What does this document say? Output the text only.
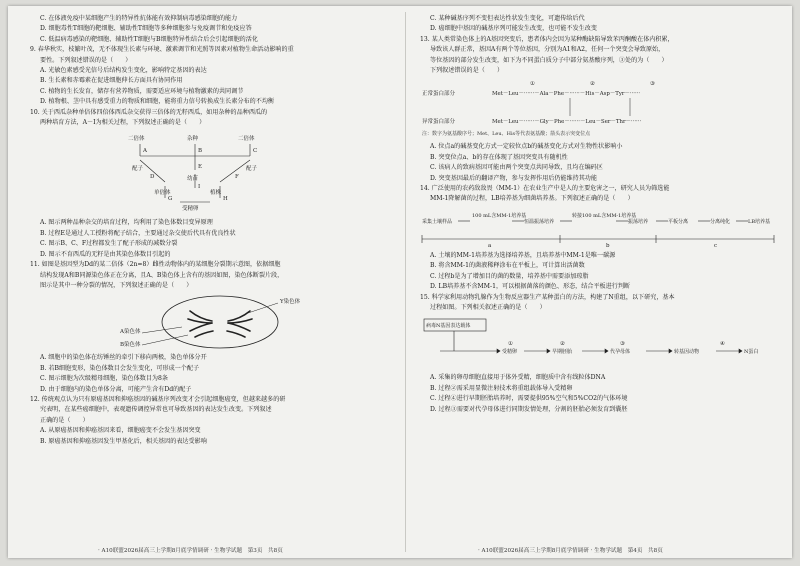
C. 在体液免疫中某细胞产生的特异性抗体能有效抑制病毒感染细胞的能力

D. 细胞毒性T细胞的靶细胞、辅助性T细胞等多种细胞参与免疫调节和免疫应答

C. 低温病毒感染的靶细胞、辅助性T细胞与B细胞特异性结合后会引起细胞的活化

9. 春华秋实，枝繁叶茂，无不体现生长素与环境、激素调节和光照等因素对植物生命活动影响的重

要性。下列叙述错误的是（　　）

A. 光敏色素感受光信号后结构发生变化，影响特定基因的表达

B. 生长素和赤霉素在促进细胞伸长方面具有协同作用

C. 植物的生长发育，储存有营养物质，需要适应环境与植物激素的共同调节

D. 植物根、茎中具有感受重力的物质和细胞，能将重力信号转换成生长素分布的不均衡

10. 关于西瓜杂种单倍体四倍体西瓜杂交获得三倍体的无籽西瓜，如用杂种的品种西瓜的

两种培育方法，A－I为相关过程，下列叙述正确的是（　　）

二倍体	二倍体
杂种
幼苗
配子	配子
单倍体	植株
受精卵
A	B	C
D
E
F
G	H
I

A. 图示两种品种杂交的培育过程，均利用了染色体数目变异原理

B. 过程E是通过人工授粉将配子结合，主要通过杂交使后代具有优良性状

C. 图示B、C、F过程都发生了配子形成的减数分裂

D. 图示不育西瓜的无籽是由其染色体数目引起的

11. 如图是基因型为Dd的某二倍体（2n=8）雌性动物体内的某细胞分裂期示意图，依据细胞

结构发现A和B同源染色体正在分离，且A、B染色体上含有的基因如图，染色体断裂片段，

图示是其中一种分裂的情况，下列叙述正确的是（　　）

A染色体
B染色体
Y染色体

A. 细胞中的染色体在纺锤丝的牵引下移向两极，染色单体分开

B. 若B细胞变形，染色体数目会发生变化，可形成一个配子

C. 图示细胞为次级精母细胞，染色体数目为8条

D. 由于细胞内的染色单体分离，可能产生含有Dd的配子

12. 传统观点认为只有原癌基因和抑癌基因的碱基序列改变才会引起细胞癌变，但越来越多的研

究表明，在某些癌细胞中，表观遗传调控异常也可导致基因的表达发生改变。下列叙述

正确的是（　　）

A. 从原癌基因和抑癌基因来看，细胞癌变不会发生基因突变

B. 原癌基因和抑癌基因发生甲基化后，相关基因的表达受影响

C. 某种碱基序列不变但表达性状发生变化，可遗传给后代

D. 癌细胞中基因的碱基序列可能发生改变，也可能不发生改变

13. 某人类常染色体上的A基因突变后，患者体内会因为某种酶缺陷导致苯丙酮酸在体内积累，

导致该人群正常，基因A有两个等位基因，分别为A1和A2，任何一个突变会导致原始，

等位基因的部分发生改变，如下为不同蛋白质分子中部分氨基酸序列，③处的为（　　）

下列叙述错误的是（　　）

①	②	③
正常蛋白部分	Met－Leu－······－Ala－Phe－······－His－Asp－Tyr－······
异常蛋白部分	Met－Leu－······－Gly－Phe－······－Leu－Ser－Thr－······
注：数字为氨基酸序号；Met、Leu、His等代表氨基酸；箭头表示突变位点

A. 位点a的碱基变化方式一定较位点b的碱基变化方式对生物性状影响小

B. 突变位点a、b的存在体现了基因突变具有随机性

C. 该病人的致病基因可能由两个突变点共同导致，且均在编码区

D. 突变基因最后的翻译产物，参与发挥作用后仍能维持其功能

14. 广泛使用的农药敌敌畏（MM-1）在农业生产中是人的主要危害之一，研究人员为筛选能

MM-1降解菌的过程，LB培养基为细菌培养基。下列叙述正确的是（　　）

采集土壤样品
100 mL含MM-1培养基
恒温振荡培养
转接100 mL含MM-1培养基
振荡培养	平板分离	分离纯化	LB培养基
a	b	c

A. 土壤的MM-1培养基为选择培养基，且培养基中MM-1是唯一碳源

B. 将含MM-1的菌液稀释涂布在平板上，可计算出活菌数

C. 过程b是为了增加目的菌的数量，培养基中需要添加琼脂

D. LB培养基不含MM-1，可以根据菌落的颜色、形态，结合平板进行判断

15. 科学家利用动物乳腺作为生物反应器生产某种蛋白的方法，构建了N重组，以下研究，基本

过程如图。下列相关叙述正确的是（　　）

病毒N基因表达载体
受精卵	早期胚胎	代孕母体	转基因动物	N蛋白
①	②	③	④

A. 采集的卵母细胞直接用于体外受精，细胞质中含有线粒体DNA

B. 过程②需采用显微注射技术将重组载体导入受精卵

C. 过程④进行早期胚胎培养时，需要提供95%空气和5%CO2的气体环境

D. 过程③需要对代孕母体进行同期发情处理，分割的胚胎必须发育到囊胚

· A10联盟2026届高三上学期8月底学情调研 · 生物学试题　第3页　共8页	· A10联盟2026届高三上学期8月底学情调研 · 生物学试题　第4页　共8页
